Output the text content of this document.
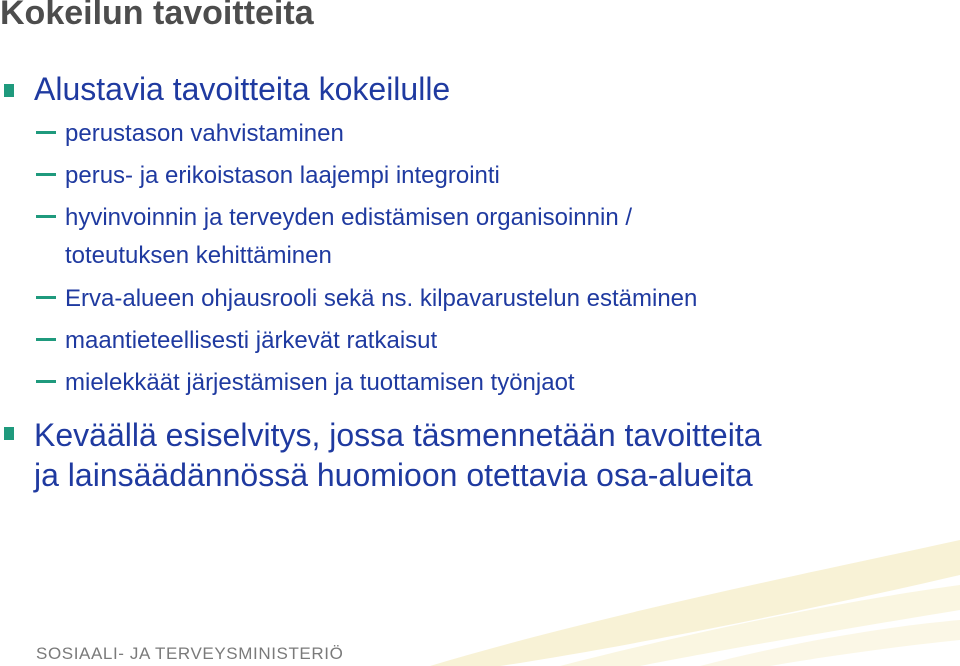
Kokeilun tavoitteita
Alustavia tavoitteita kokeilulle
perustason vahvistaminen
perus- ja erikoistason laajempi integrointi
hyvinvoinnin ja terveyden edistämisen organisoinnin /
toteutuksen kehittäminen
Erva-alueen ohjausrooli sekä ns. kilpavarustelun estäminen
maantieteellisesti järkevät ratkaisut
mielekkäät järjestämisen ja tuottamisen työnjaot
Keväällä esiselvitys, jossa täsmennetään tavoitteita
ja lainsäädännössä huomioon otettavia osa-alueita
SOSIAALI- JA TERVEYSMINISTERIÖ
